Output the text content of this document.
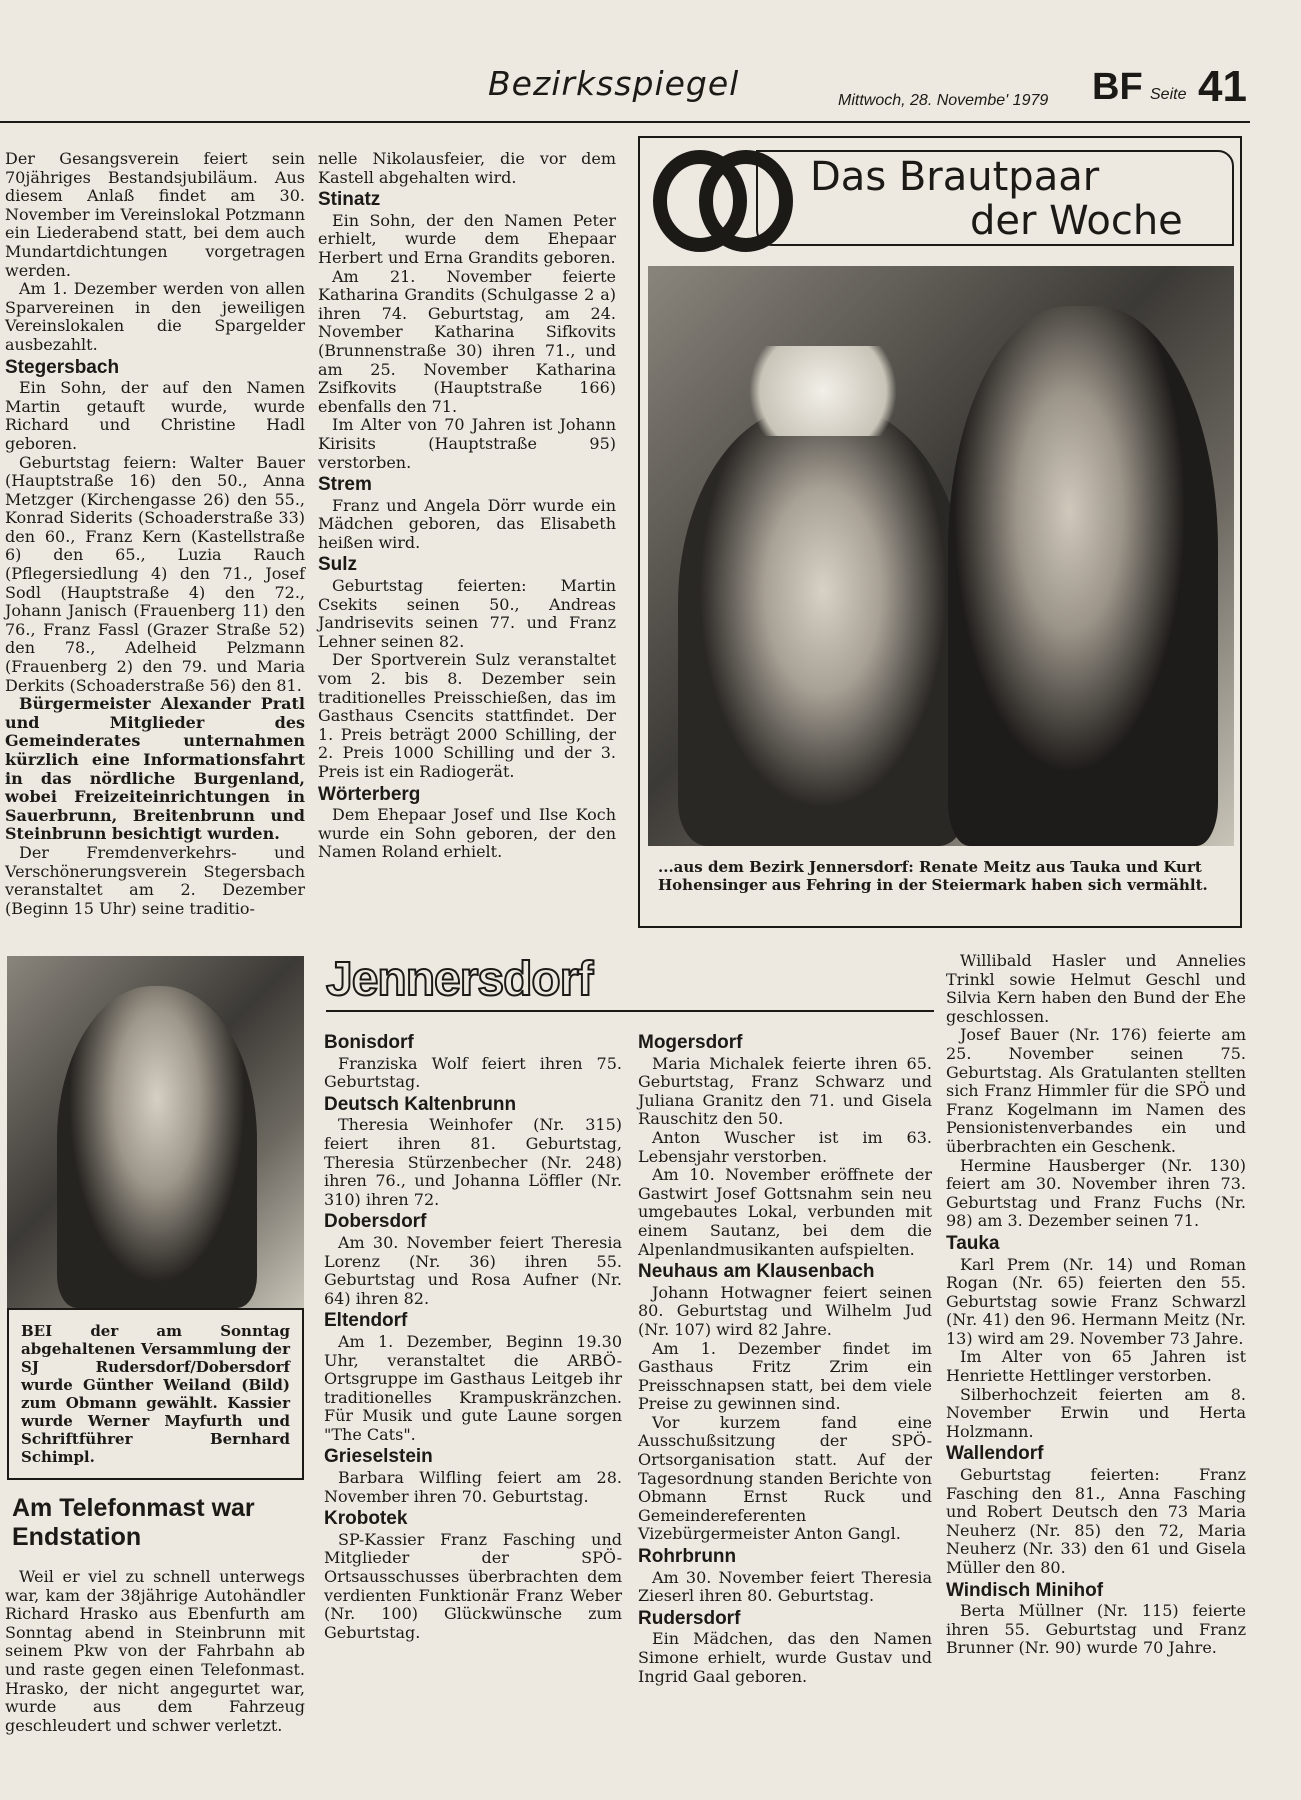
Bezirksspiegel	Mittwoch, 28. Novembe' 1979 BF Seite 41

Der Gesangsverein feiert sein 70jähriges Bestandsjubiläum. Aus diesem Anlaß findet am 30. November im Vereinslokal Potzmann ein Liederabend statt, bei dem auch Mundartdichtungen vorgetragen werden.

Am 1. Dezember werden von allen Sparvereinen in den jeweiligen Vereinslokalen die Spargelder ausbezahlt.

Stegersbach

Ein Sohn, der auf den Namen Martin getauft wurde, wurde Richard und Christine Hadl geboren.

Geburtstag feiern: Walter Bauer (Hauptstraße 16) den 50., Anna Metzger (Kirchengasse 26) den 55., Konrad Siderits (Schoaderstraße 33) den 60., Franz Kern (Kastellstraße 6) den 65., Luzia Rauch (Pflegersiedlung 4) den 71., Josef Sodl (Hauptstraße 4) den 72., Johann Janisch (Frauenberg 11) den 76., Franz Fassl (Grazer Straße 52) den 78., Adelheid Pelzmann (Frauenberg 2) den 79. und Maria Derkits (Schoaderstraße 56) den 81.

Bürgermeister Alexander Pratl und Mitglieder des Gemeinderates unternahmen kürzlich eine Informationsfahrt in das nördliche Burgenland, wobei Freizeiteinrichtungen in Sauerbrunn, Breitenbrunn und Steinbrunn besichtigt wurden.

Der Fremdenverkehrs- und Verschönerungsverein Stegersbach veranstaltet am 2. Dezember (Beginn 15 Uhr) seine traditio-

nelle Nikolausfeier, die vor dem Kastell abgehalten wird.

Stinatz

Ein Sohn, der den Namen Peter erhielt, wurde dem Ehepaar Herbert und Erna Grandits geboren.

Am 21. November feierte Katharina Grandits (Schulgasse 2 a) ihren 74. Geburtstag, am 24. November Katharina Sifkovits (Brunnenstraße 30) ihren 71., und am 25. November Katharina Zsifkovits (Hauptstraße 166) ebenfalls den 71.

Im Alter von 70 Jahren ist Johann Kirisits (Hauptstraße 95) verstorben.

Strem

Franz und Angela Dörr wurde ein Mädchen geboren, das Elisabeth heißen wird.

Sulz

Geburtstag feierten: Martin Csekits seinen 50., Andreas Jandrisevits seinen 77. und Franz Lehner seinen 82.

Der Sportverein Sulz veranstaltet vom 2. bis 8. Dezember sein traditionelles Preisschießen, das im Gasthaus Csencits stattfindet. Der 1. Preis beträgt 2000 Schilling, der 2. Preis 1000 Schilling und der 3. Preis ist ein Radiogerät.

Wörterberg

Dem Ehepaar Josef und Ilse Koch wurde ein Sohn geboren, der den Namen Roland erhielt.

Das Brautpaar
der Woche
...aus dem Bezirk Jennersdorf: Renate Meitz aus Tauka und Kurt Hohensinger aus Fehring in der Steiermark haben sich vermählt.
BEI der am Sonntag abgehaltenen Versammlung der SJ Rudersdorf/Dobersdorf wurde Günther Weiland (Bild) zum Obmann gewählt. Kassier wurde Werner Mayfurth und Schriftführer Bernhard Schimpl.
Am Telefonmast war Endstation

Weil er viel zu schnell unterwegs war, kam der 38jährige Autohändler Richard Hrasko aus Ebenfurth am Sonntag abend in Steinbrunn mit seinem Pkw von der Fahrbahn ab und raste gegen einen Telefonmast. Hrasko, der nicht angegurtet war, wurde aus dem Fahrzeug geschleudert und schwer verletzt.

Jennersdorf
Bonisdorf

Franziska Wolf feiert ihren 75. Geburtstag.

Deutsch Kaltenbrunn

Theresia Weinhofer (Nr. 315) feiert ihren 81. Geburtstag, Theresia Stürzenbecher (Nr. 248) ihren 76., und Johanna Löffler (Nr. 310) ihren 72.

Dobersdorf

Am 30. November feiert Theresia Lorenz (Nr. 36) ihren 55. Geburtstag und Rosa Aufner (Nr. 64) ihren 82.

Eltendorf

Am 1. Dezember, Beginn 19.30 Uhr, veranstaltet die ARBÖ-Ortsgruppe im Gasthaus Leitgeb ihr traditionelles Krampuskränzchen. Für Musik und gute Laune sorgen "The Cats".

Grieselstein

Barbara Wilfling feiert am 28. November ihren 70. Geburtstag.

Krobotek

SP-Kassier Franz Fasching und Mitglieder der SPÖ-Ortsausschusses überbrachten dem verdienten Funktionär Franz Weber (Nr. 100) Glückwünsche zum Geburtstag.

Mogersdorf

Maria Michalek feierte ihren 65. Geburtstag, Franz Schwarz und Juliana Granitz den 71. und Gisela Rauschitz den 50.

Anton Wuscher ist im 63. Lebensjahr verstorben.

Am 10. November eröffnete der Gastwirt Josef Gottsnahm sein neu umgebautes Lokal, verbunden mit einem Sautanz, bei dem die Alpenlandmusikanten aufspielten.

Neuhaus am Klausenbach

Johann Hotwagner feiert seinen 80. Geburtstag und Wilhelm Jud (Nr. 107) wird 82 Jahre.

Am 1. Dezember findet im Gasthaus Fritz Zrim ein Preisschnapsen statt, bei dem viele Preise zu gewinnen sind.

Vor kurzem fand eine Ausschußsitzung der SPÖ-Ortsorganisation statt. Auf der Tagesordnung standen Berichte von Obmann Ernst Ruck und Gemeindereferenten Vizebürgermeister Anton Gangl.

Rohrbrunn

Am 30. November feiert Theresia Zieserl ihren 80. Geburtstag.

Rudersdorf

Ein Mädchen, das den Namen Simone erhielt, wurde Gustav und Ingrid Gaal geboren.

Willibald Hasler und Annelies Trinkl sowie Helmut Geschl und Silvia Kern haben den Bund der Ehe geschlossen.

Josef Bauer (Nr. 176) feierte am 25. November seinen 75. Geburtstag. Als Gratulanten stellten sich Franz Himmler für die SPÖ und Franz Kogelmann im Namen des Pensionistenverbandes ein und überbrachten ein Geschenk.

Hermine Hausberger (Nr. 130) feiert am 30. November ihren 73. Geburtstag und Franz Fuchs (Nr. 98) am 3. Dezember seinen 71.

Tauka

Karl Prem (Nr. 14) und Roman Rogan (Nr. 65) feierten den 55. Geburtstag sowie Franz Schwarzl (Nr. 41) den 96. Hermann Meitz (Nr. 13) wird am 29. November 73 Jahre.

Im Alter von 65 Jahren ist Henriette Hettlinger verstorben.

Silberhochzeit feierten am 8. November Erwin und Herta Holzmann.

Wallendorf

Geburtstag feierten: Franz Fasching den 81., Anna Fasching und Robert Deutsch den 73 Maria Neuherz (Nr. 85) den 72, Maria Neuherz (Nr. 33) den 61 und Gisela Müller den 80.

Windisch Minihof

Berta Müllner (Nr. 115) feierte ihren 55. Geburtstag und Franz Brunner (Nr. 90) wurde 70 Jahre.
